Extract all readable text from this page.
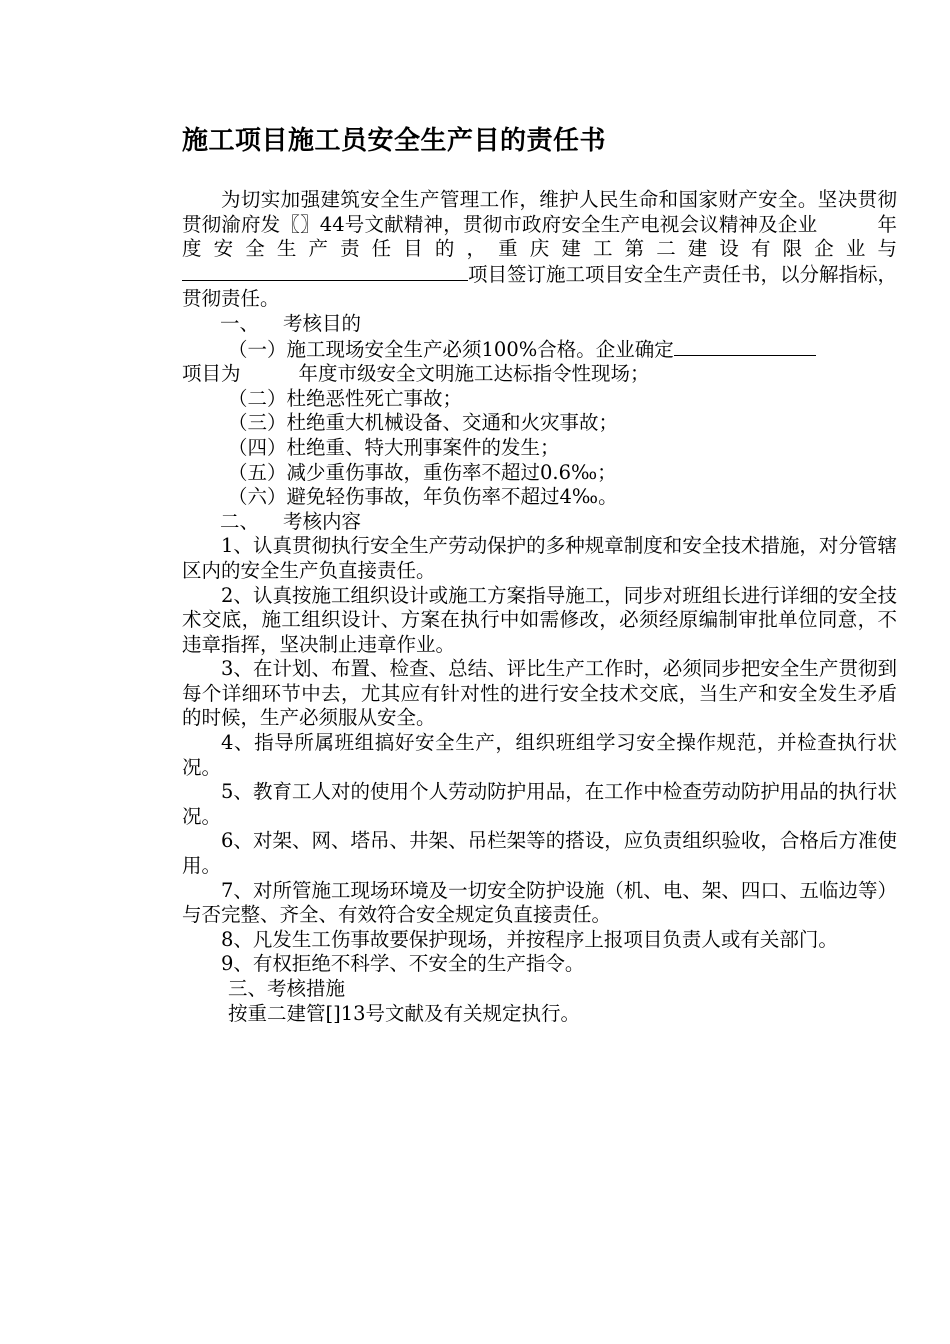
施工项目施工员安全生产目的责任书

为切实加强建筑安全生产管理工作，维护人民生命和国家财产安全。坚决贯彻贯彻渝府发〖〗44号文献精神，贯彻市政府安全生产电视会议精神及企业	年度安全生产责任目的，重庆建工第二建设有限企业与项目签订施工项目安全生产责任书，以分解指标，贯彻责任。

一、 考核目的

（一）施工现场安全生产必须100%合格。企业确定
项目为	年度市级安全文明施工达标指令性现场；

（二）杜绝恶性死亡事故；

（三）杜绝重大机械设备、交通和火灾事故；

（四）杜绝重、特大刑事案件的发生；

（五）减少重伤事故，重伤率不超过0.6‰；

（六）避免轻伤事故，年负伤率不超过4‰。

二、 考核内容

1、认真贯彻执行安全生产劳动保护的多种规章制度和安全技术措施，对分管辖区内的安全生产负直接责任。

2、认真按施工组织设计或施工方案指导施工，同步对班组长进行详细的安全技术交底，施工组织设计、方案在执行中如需修改，必须经原编制审批单位同意，不违章指挥，坚决制止违章作业。

3、在计划、布置、检查、总结、评比生产工作时，必须同步把安全生产贯彻到每个详细环节中去，尤其应有针对性的进行安全技术交底，当生产和安全发生矛盾的时候，生产必须服从安全。

4、指导所属班组搞好安全生产，组织班组学习安全操作规范，并检查执行状况。

5、教育工人对的使用个人劳动防护用品，在工作中检查劳动防护用品的执行状况。

6、对架、网、塔吊、井架、吊栏架等的搭设，应负责组织验收，合格后方准使用。

7、对所管施工现场环境及一切安全防护设施（机、电、架、四口、五临边等）与否完整、齐全、有效符合安全规定负直接责任。

8、凡发生工伤事故要保护现场，并按程序上报项目负责人或有关部门。

9、有权拒绝不科学、不安全的生产指令。

三、考核措施

按重二建管[]13号文献及有关规定执行。
